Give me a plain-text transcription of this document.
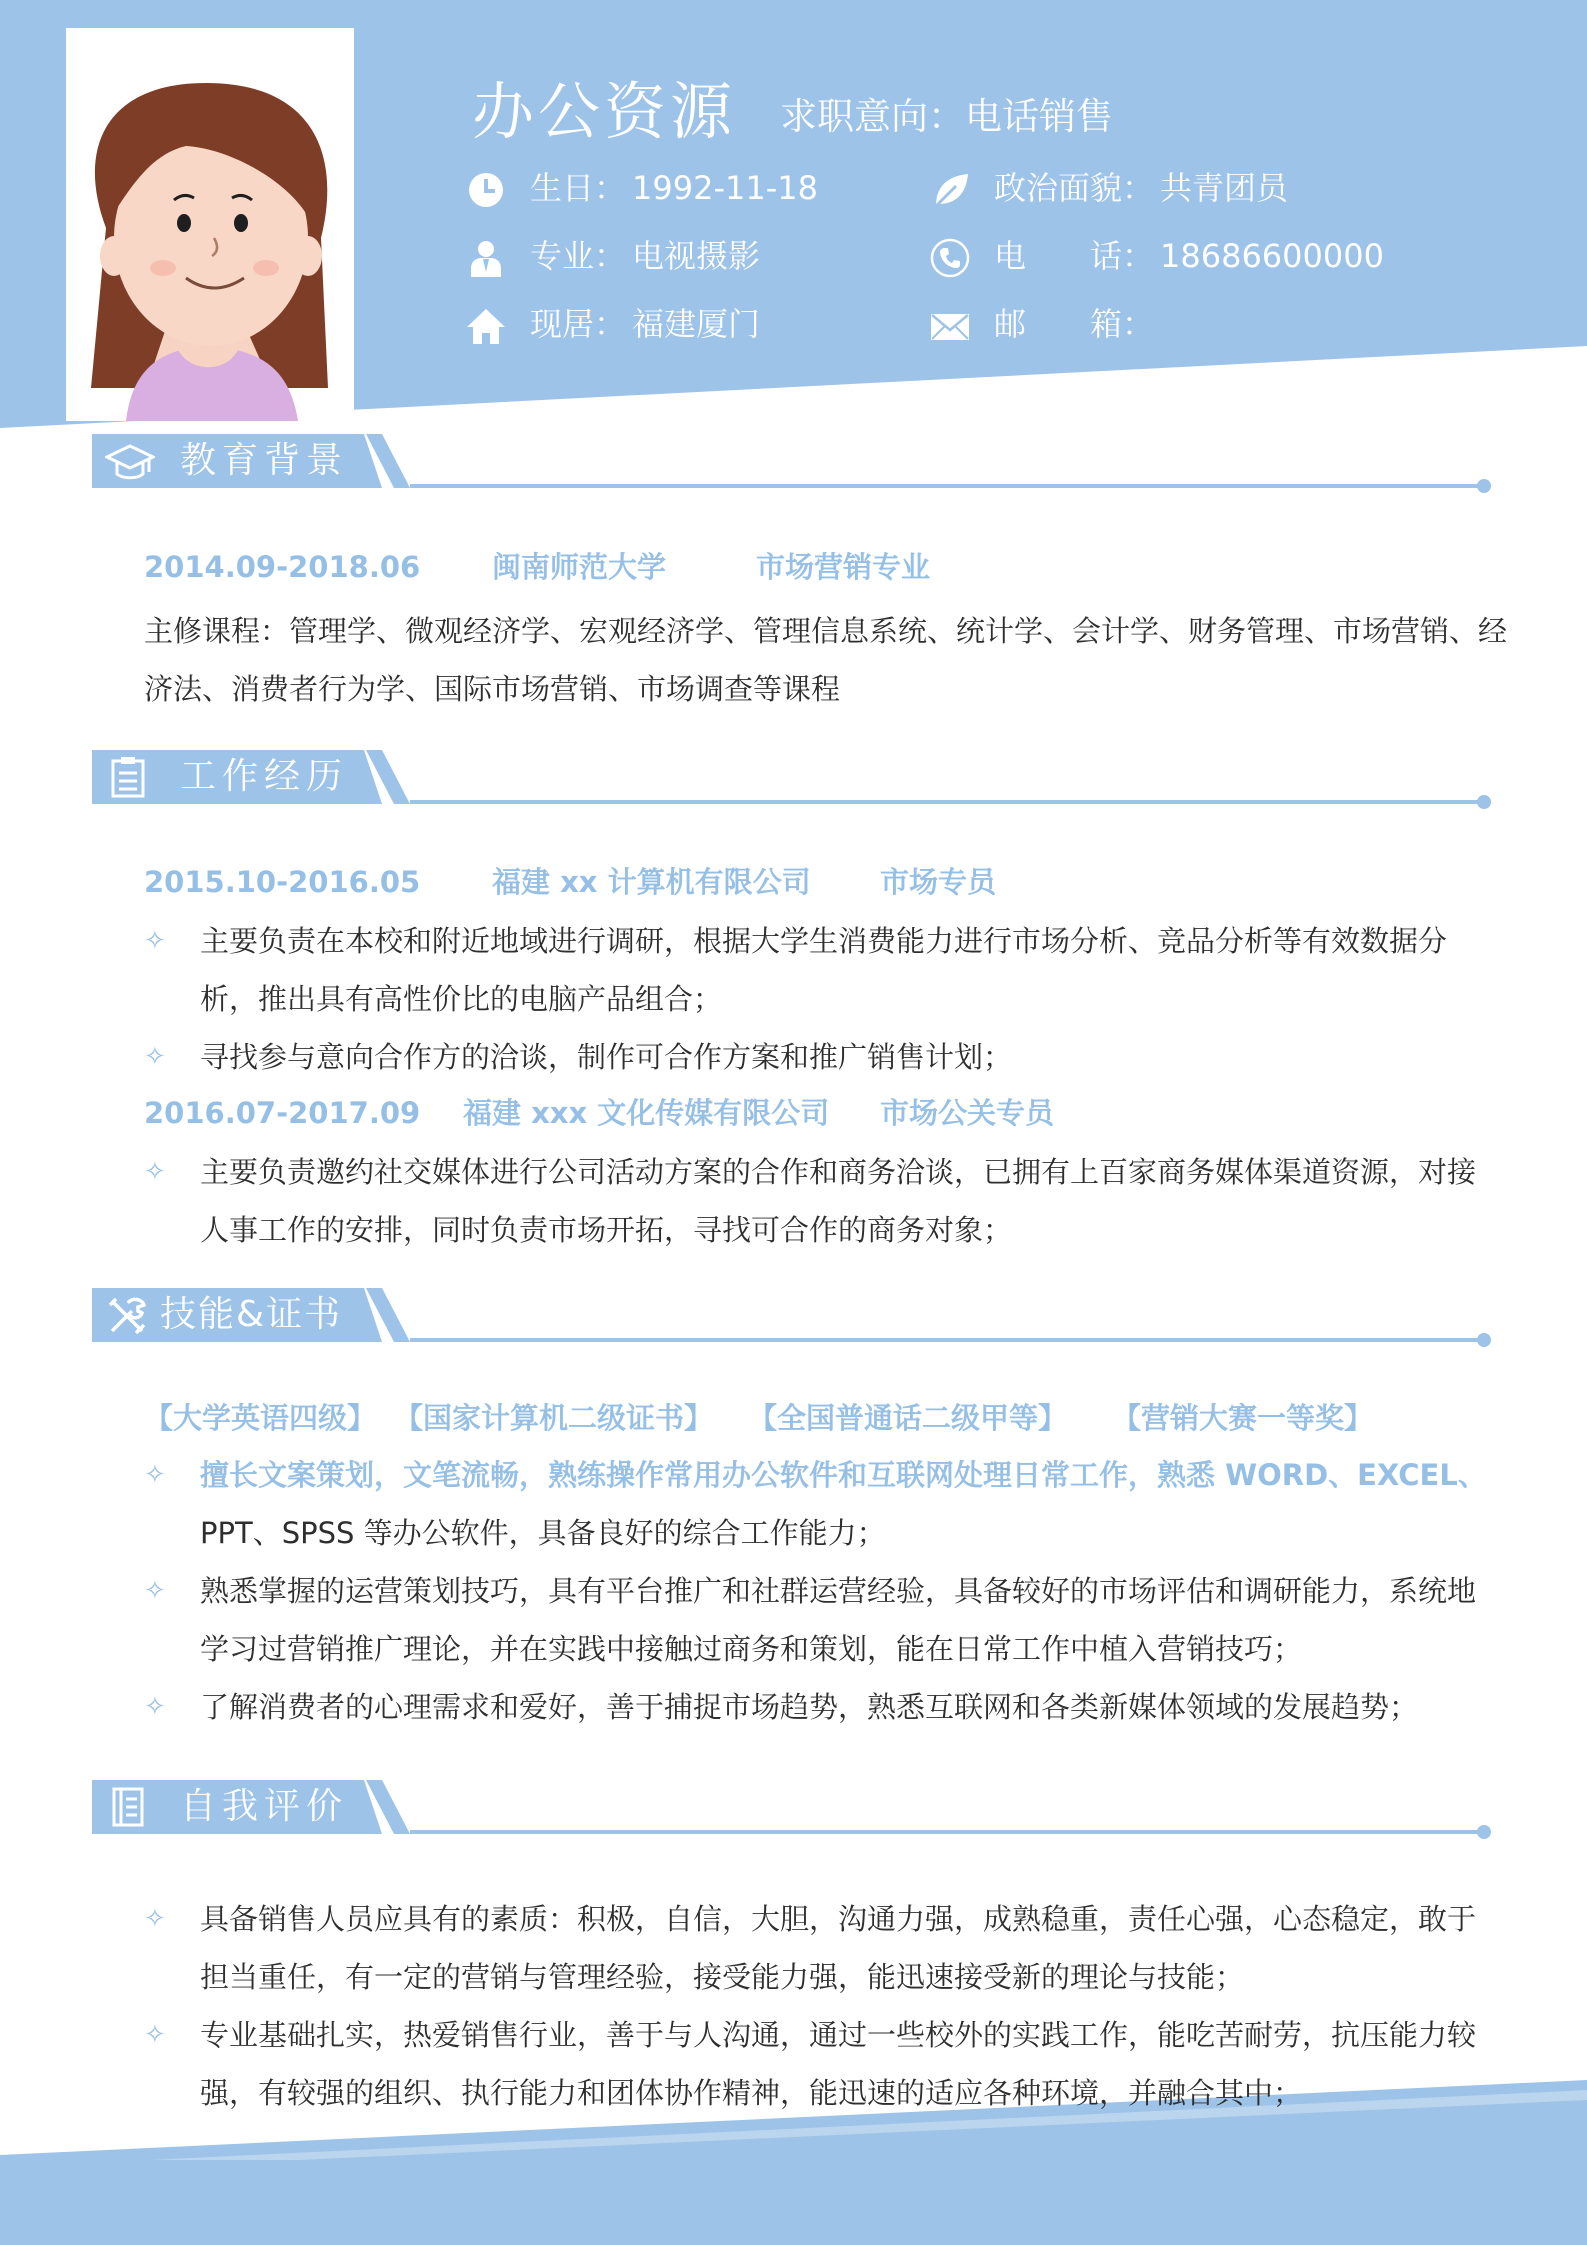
办公资源 求职意向：电话销售
生日： 1992-11-18
专业： 电视摄影
现居： 福建厦门
政治面貌： 共青团员
电　　话： 18686600000
邮　　箱：
教育背景
2014.09-2018.06 闽南师范大学	市场营销专业
主修课程：管理学、微观经济学、宏观经济学、管理信息系统、统计学、会计学、财务管理、市场营销、经济法、消费者行为学、国际市场营销、市场调查等课程
工作经历
2015.10-2016.05 福建 xx 计算机有限公司 市场专员
✧ 主要负责在本校和附近地域进行调研，根据大学生消费能力进行市场分析、竞品分析等有效数据分析，推出具有高性价比的电脑产品组合；
✧ 寻找参与意向合作方的洽谈，制作可合作方案和推广销售计划；
2016.07-2017.09 福建 xxx 文化传媒有限公司 市场公关专员
✧ 主要负责邀约社交媒体进行公司活动方案的合作和商务洽谈，已拥有上百家商务媒体渠道资源，对接人事工作的安排，同时负责市场开拓，寻找可合作的商务对象；
技能&证书
【大学英语四级】 【国家计算机二级证书】 【全国普通话二级甲等】 【营销大赛一等奖】
✧ 擅长文案策划，文笔流畅，熟练操作常用办公软件和互联网处理日常工作，熟悉 WORD、EXCEL、
PPT、SPSS 等办公软件，具备良好的综合工作能力；
✧ 熟悉掌握的运营策划技巧，具有平台推广和社群运营经验，具备较好的市场评估和调研能力，系统地学习过营销推广理论，并在实践中接触过商务和策划，能在日常工作中植入营销技巧；
✧ 了解消费者的心理需求和爱好，善于捕捉市场趋势，熟悉互联网和各类新媒体领域的发展趋势；
自我评价
✧ 具备销售人员应具有的素质：积极，自信，大胆，沟通力强，成熟稳重，责任心强，心态稳定，敢于担当重任，有一定的营销与管理经验，接受能力强，能迅速接受新的理论与技能；
✧ 专业基础扎实，热爱销售行业，善于与人沟通，通过一些校外的实践工作，能吃苦耐劳，抗压能力较强，有较强的组织、执行能力和团体协作精神，能迅速的适应各种环境，并融合其中；
